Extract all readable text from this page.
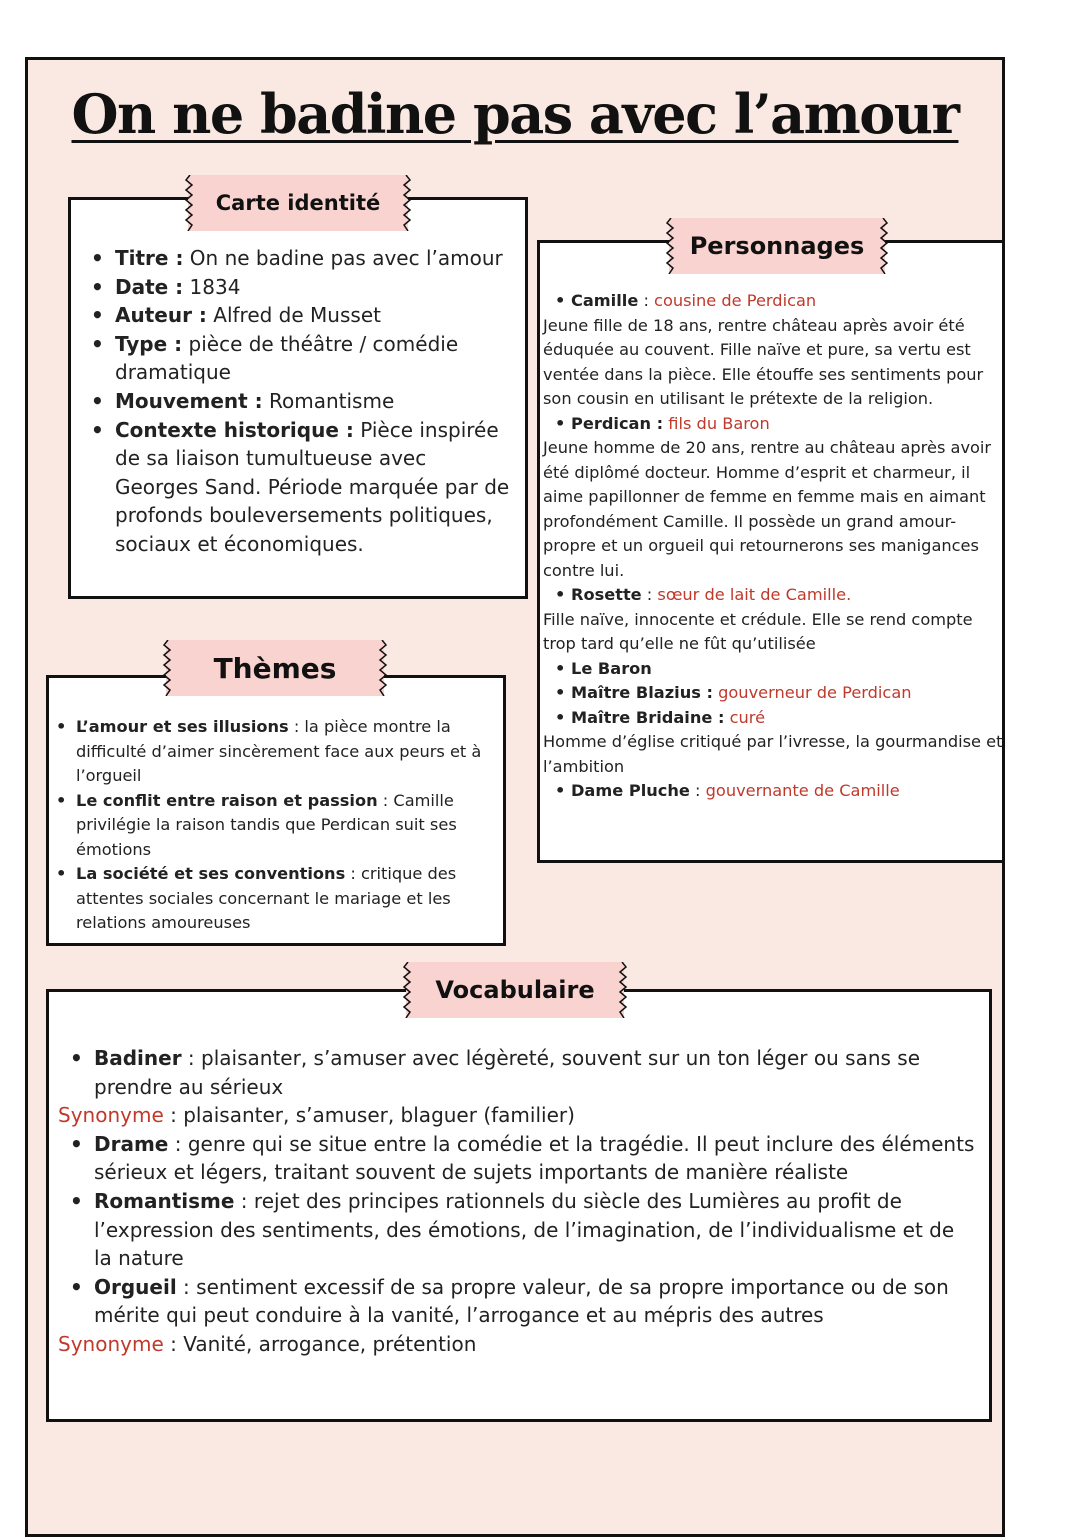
On ne badine pas avec l’amour
• Titre : On ne badine pas avec l’amour
• Date : 1834
• Auteur : Alfred de Musset
• Type : pièce de théâtre / comédie dramatique
• Mouvement : Romantisme
• Contexte historique : Pièce inspirée de sa liaison tumultueuse avec Georges Sand. Période marquée par de profonds bouleversements politiques, sociaux et économiques.
Carte identité
• Camille : cousine de Perdican

Jeune fille de 18 ans, rentre château après avoir été éduquée au couvent. Fille naïve et pure, sa vertu est ventée dans la pièce. Elle étouffe ses sentiments pour son cousin en utilisant le prétexte de la religion.

• Perdican : fils du Baron

Jeune homme de 20 ans, rentre au château après avoir été diplômé docteur. Homme d’esprit et charmeur, il aime papillonner de femme en femme mais en aimant profondément Camille. Il possède un grand amour-propre et un orgueil qui retournerons ses manigances contre lui.

• Rosette : sœur de lait de Camille.

Fille naïve, innocente et crédule. Elle se rend compte trop tard qu’elle ne fût qu’utilisée

• Le Baron
• Maître Blazius : gouverneur de Perdican
• Maître Bridaine : curé

Homme d’église critiqué par l’ivresse, la gourmandise et l’ambition

• Dame Pluche : gouvernante de Camille
Personnages
• L’amour et ses illusions : la pièce montre la difficulté d’aimer sincèrement face aux peurs et à l’orgueil
• Le conflit entre raison et passion : Camille privilégie la raison tandis que Perdican suit ses émotions
• La société et ses conventions : critique des attentes sociales concernant le mariage et les relations amoureuses
Thèmes
• Badiner : plaisanter, s’amuser avec légèreté, souvent sur un ton léger ou sans se prendre au sérieux

Synonyme : plaisanter, s’amuser, blaguer (familier)

• Drame : genre qui se situe entre la comédie et la tragédie. Il peut inclure des éléments sérieux et légers, traitant souvent de sujets importants de manière réaliste
• Romantisme : rejet des principes rationnels du siècle des Lumières au profit de l’expression des sentiments, des émotions, de l’imagination, de l’individualisme et de la nature
• Orgueil : sentiment excessif de sa propre valeur, de sa propre importance ou de son mérite qui peut conduire à la vanité, l’arrogance et au mépris des autres

Synonyme : Vanité, arrogance, prétention

Vocabulaire
